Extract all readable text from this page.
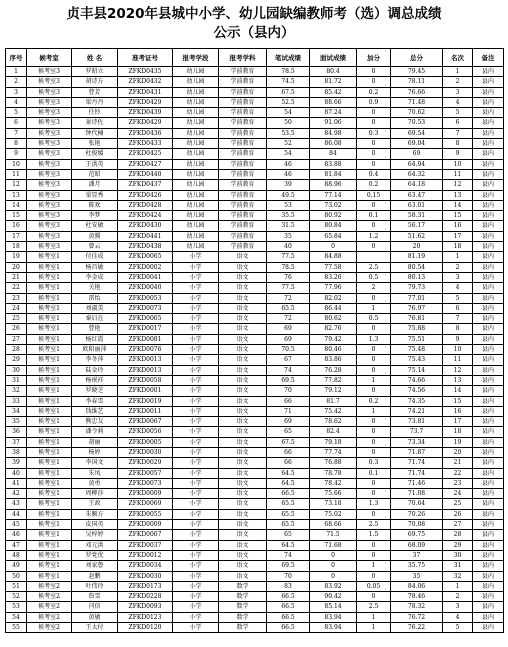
贞丰县2020年县城中小学、幼儿园缺编教师考（选）调总成绩
公示（县内）
序号	候考室	姓 名	准考证号	报考学段	报考学科	笔试成绩	面试成绩	加分	总分	名次	备注
1	候考室3	罗昭立	ZFKD0435	幼儿园	学前教育	78.5	80.4	0	79.45	1	县内
2	候考室3	胡诗方	ZFKD0432	幼儿园	学前教育	74.5	81.72	0	78.11	2	县内
3	候考室3	曹芳	ZFKD0431	幼儿园	学前教育	67.5	85.42	0.2	76.66	3	县内
4	候考室3	梁丹丹	ZFKD0429	幼儿园	学前教育	52.5	88.66	0.9	71.48	4	县内
5	候考室3	任铃	ZFKD0439	幼儿园	学前教育	54	87.24	0	70.62	5	县内
6	候考室3	景诗佐	ZFKD0429	幼儿园	学前教育	50	91.06	0	70.53	6	县内
7	候考室3	钟代楠	ZFKD0436	幼儿园	学前教育	53.5	84.98	0.3	69.54	7	县内
8	候考室3	张艳	ZFKD0433	幼儿园	学前教育	52	86.08	0	69.04	8	县内
9	候考室3	杜俊媛	ZFKD0425	幼儿园	学前教育	54	84	0	69	9	县内
10	候考室3	王洪英	ZFKD0427	幼儿园	学前教育	46	83.88	0	64.94	10	县内
11	候考室3	范昭	ZFKD0440	幼儿园	学前教育	46	81.84	0.4	64.32	11	县内
12	候考室3	潘月	ZFKD0437	幼儿园	学前教育	39	88.96	0.2	64.18	12	县内
13	候考室3	梁显秀	ZFKD0426	幼儿园	学前教育	49.5	77.14	0.15	63.47	13	县内
14	候考室3	陈欢	ZFKD0428	幼儿园	学前教育	53	73.02	0	63.01	14	县内
15	候考室3	李梦	ZFKD0424	幼儿园	学前教育	35.5	80.92	0.1	58.31	15	县内
16	候考室3	杜安敏	ZFKD0430	幼儿园	学前教育	31.5	80.84	0	56.17	16	县内
17	候考室3	黄腾	ZFKD0441	幼儿园	学前教育	35	65.84	1.2	51.62	17	县内
18	候考室3	曾云	ZFKD0438	幼儿园	学前教育	40	0	0	20	18	县内
19	候考室1	付佳成	ZFKD0065	小学	语文	77.5	84.88		81.19	1	县内
20	候考室1	杨昌敏	ZFKD0002	小学	语文	78.5	77.58	2.5	80.54	2	县内
21	候考室1	李金成	ZFKD0041	小学	语文	76	83.26	0.5	80.13	3	县内
22	候考室1	关艳	ZFKD0040	小学	语文	77.5	77.96	2	79.73	4	县内
23	候考室1	雷怡	ZFKD0053	小学	语文	72	82.02	0	77.01	5	县内
24	候考室1	刘淑美	ZFKD0073	小学	语文	65.5	86.44	1	76.97	6	县内
25	候考室1	秦启在	ZFKD0065	小学	语文	72	80.62	0.5	76.81	7	县内
26	候考室1	曹艳	ZFKD0017	小学	语文	69	82.76	0	75.88	8	县内
27	候考室1	杨红霞	ZFKD0081	小学	语文	69	79.42	1.3	75.51	9	县内
28	候考室1	欧阳丽萍	ZFKD0076	小学	语文	70.5	80.46	0	75.48	10	县内
29	候考室1	李冬萍	ZFKD0013	小学	语文	67	83.86	0	75.43	11	县内
30	候考室1	陆金玲	ZFKD0013	小学	语文	74	76.28	0	75.14	12	县内
31	候考室1	杨珉祥	ZFKD0058	小学	语文	69.5	77.82	1	74.66	13	县内
32	候考室1	罗晓芝	ZFKD0001	小学	语文	70	79.12	0	74.56	14	县内
33	候考室1	李春雪	ZFKD0019	小学	语文	66	81.7	0.2	74.35	15	县内
34	候考室1	钱维艺	ZFKD0011	小学	语文	71	75.42	1	74.21	16	县内
35	候考室1	熊忠友	ZFKD0067	小学	语文	69	78.62	0	73.81	17	县内
36	候考室1	潘令莉	ZFKD0056	小学	语文	65	82.4	0	73.7	18	县内
37	候考室1	胡丽	ZFKD0005	小学	语文	67.5	79.18	0	73.34	19	县内
38	候考室1	杨婷	ZFKD0030	小学	语文	66	77.74	0	71.87	20	县内
39	候考室1	李国文	ZFKD0029	小学	语文	66	76.88	0.3	71.74	21	县内
40	候考室1	朱凤	ZFKD0057	小学	语文	64.5	78.78	0.1	71.74	22	县内
41	候考室1	黄勇	ZFKD0073	小学	语文	64.5	78.42	0	71.46	23	县内
42	候考室1	周柳莎	ZFKD0009	小学	语文	66.5	75.66	0	71.08	24	县内
43	候考室1	王政	ZFKD0069	小学	语文	65.5	73.18	1.3	70.64	25	县内
44	候考室1	朱顺方	ZFKD0055	小学	语文	65.5	75.02	0	70.26	26	县内
45	候考室1	皮国英	ZFKD0009	小学	语文	65.5	68.66	2.5	70.08	27	县内
46	候考室1	吴梓婷	ZFKD0067	小学	语文	65	71.5	1.5	69.75	28	县内
47	候考室1	邓元洪	ZFKD0037	小学	语文	64.5	71.68	0	68.09	29	县内
48	候考室1	罗党优	ZFKD0012	小学	语文	74	0	0	37	30	县内
49	候考室1	刘家鲁	ZFKD0034	小学	语文	69.5	0	1	35.75	31	县内
50	候考室1	赵鹏	ZFKD0030	小学	语文	70	0	0	35	32	县内
51	候考室2	叶伟玲	ZFKD0173	小学	数学	83	83.92	0.05	84.06	1	县内
52	候考室2	詹雪	ZFKD0228	小学	数学	66.5	90.42	0	78.46	2	县内
53	候考室2	闫信	ZFKD0093	小学	数学	66.5	85.14	2.5	78.32	3	县内
54	候考室2	黄敏	ZFKD0123	小学	数学	66.5	83.94	1	76.72	4	县内
55	候考室2	王太付	ZFKD0120	小学	数学	66.5	83.94	1	76.22	5	县内
